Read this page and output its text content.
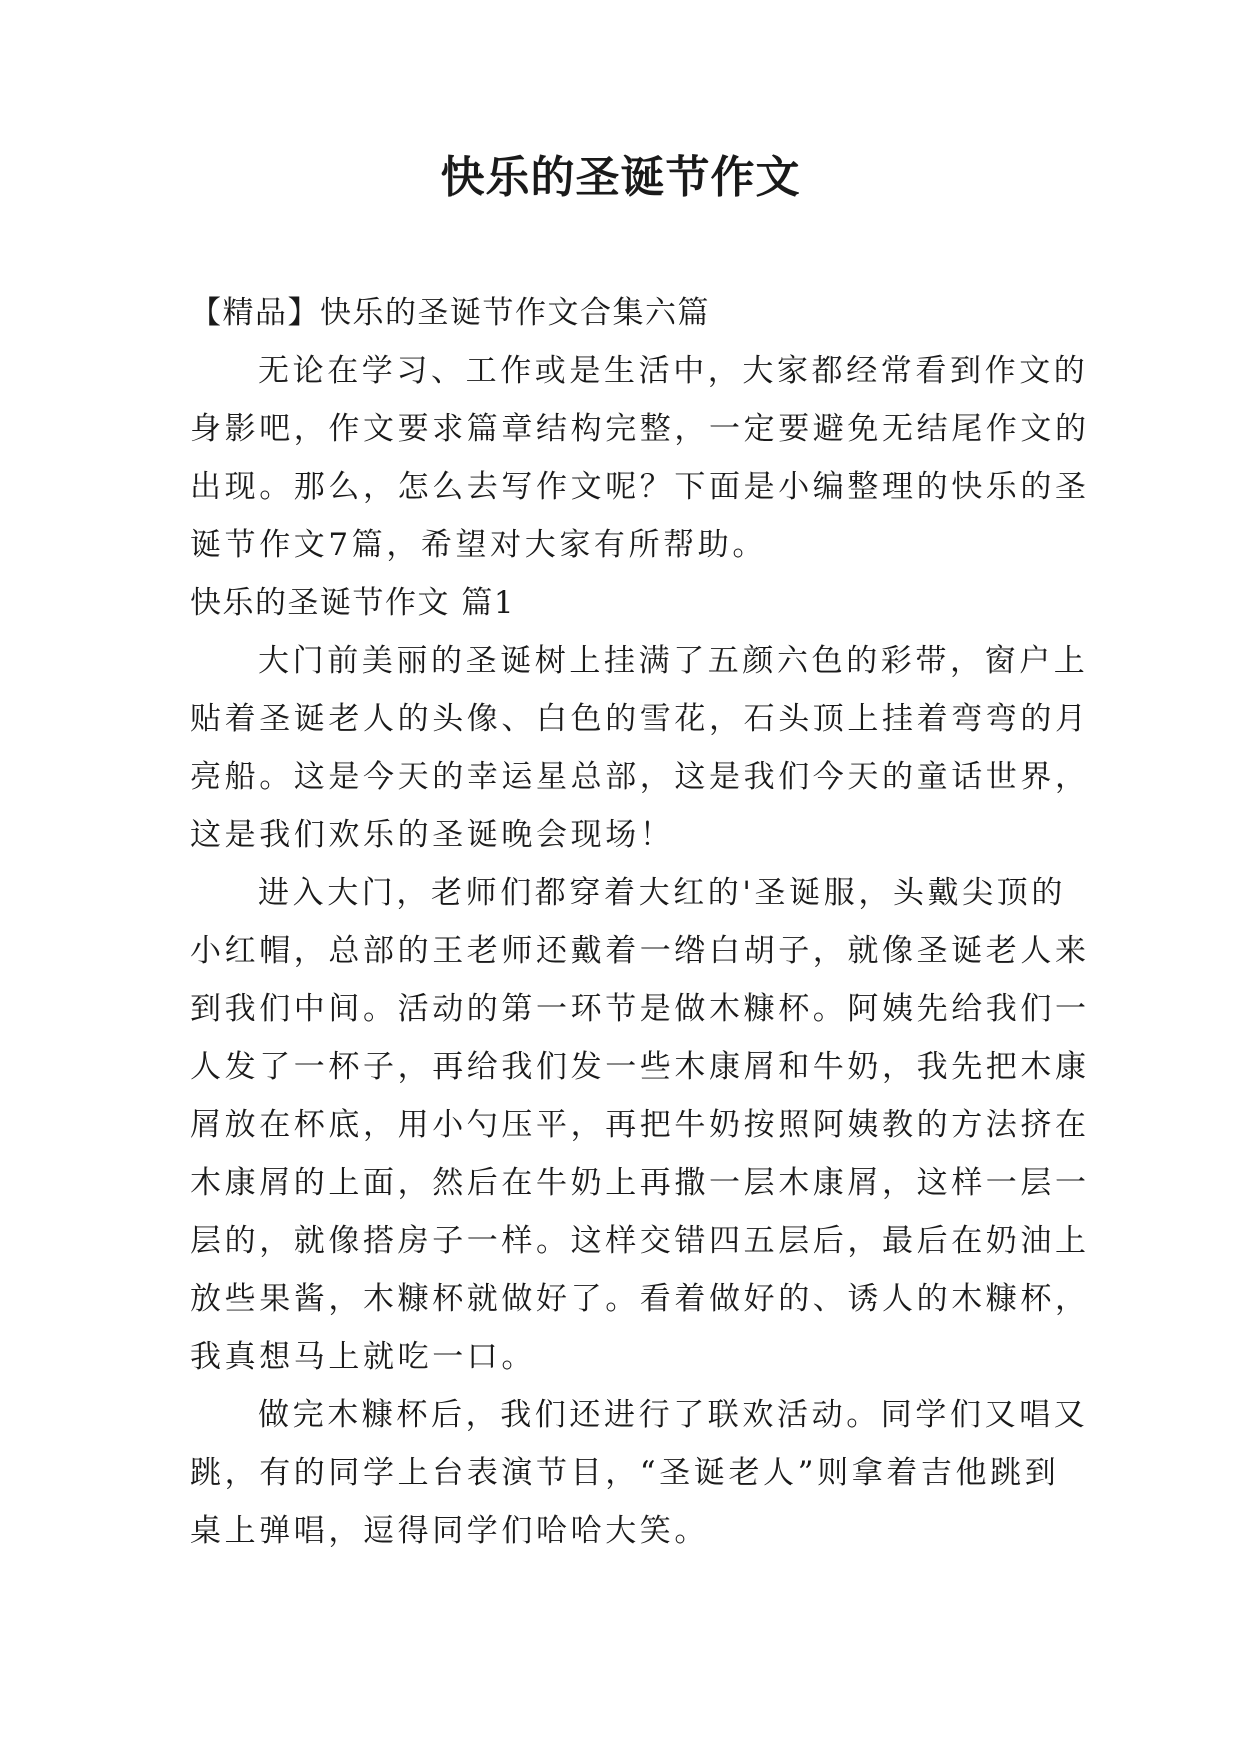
快乐的圣诞节作文
【精品】快乐的圣诞节作文合集六篇
无论在学习、工作或是生活中，大家都经常看到作文的
身影吧，作文要求篇章结构完整，一定要避免无结尾作文的
出现。那么，怎么去写作文呢？下面是小编整理的快乐的圣
诞节作文7篇，希望对大家有所帮助。
快乐的圣诞节作文 篇1
大门前美丽的圣诞树上挂满了五颜六色的彩带，窗户上
贴着圣诞老人的头像、白色的雪花，石头顶上挂着弯弯的月
亮船。这是今天的幸运星总部，这是我们今天的童话世界，
这是我们欢乐的圣诞晚会现场！
进入大门，老师们都穿着大红的'圣诞服，头戴尖顶的
小红帽，总部的王老师还戴着一绺白胡子，就像圣诞老人来
到我们中间。活动的第一环节是做木糠杯。阿姨先给我们一
人发了一杯子，再给我们发一些木康屑和牛奶，我先把木康
屑放在杯底，用小勺压平，再把牛奶按照阿姨教的方法挤在
木康屑的上面，然后在牛奶上再撒一层木康屑，这样一层一
层的，就像搭房子一样。这样交错四五层后，最后在奶油上
放些果酱，木糠杯就做好了。看着做好的、诱人的木糠杯，
我真想马上就吃一口。
做完木糠杯后，我们还进行了联欢活动。同学们又唱又
跳，有的同学上台表演节目，“圣诞老人”则拿着吉他跳到
桌上弹唱，逗得同学们哈哈大笑。
